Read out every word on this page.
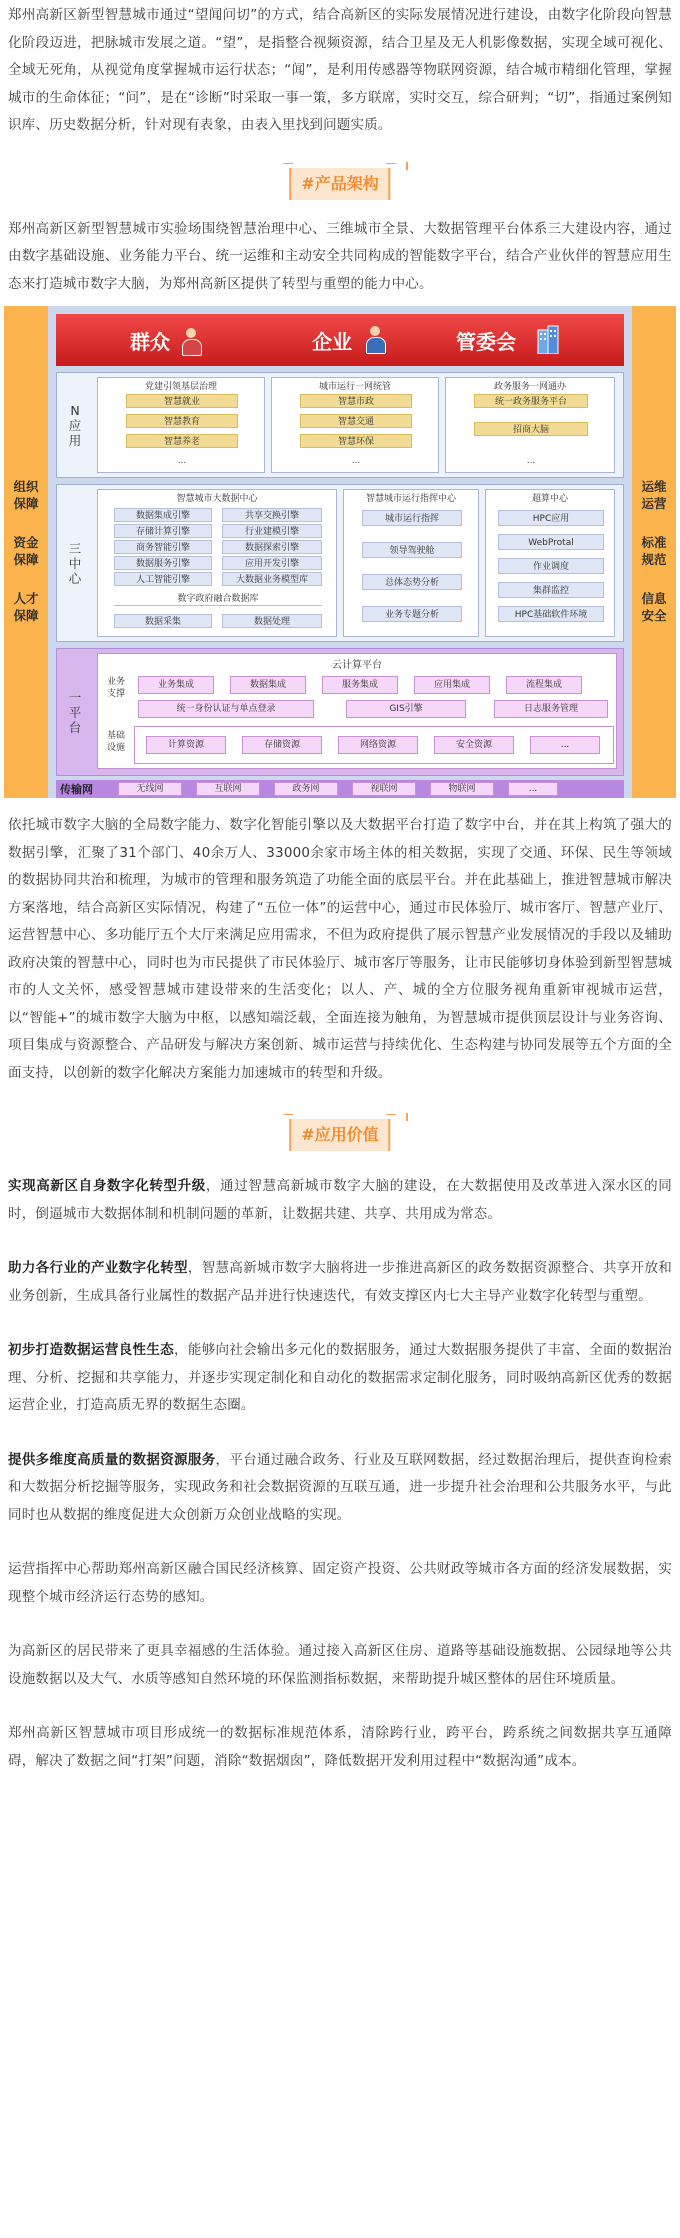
郑州高新区新型智慧城市通过“望闻问切”的方式，结合高新区的实际发展情况进行建设，由数字化阶段向智慧化阶段迈进，把脉城市发展之道。“望”，是指整合视频资源，结合卫星及无人机影像数据，实现全域可视化、全域无死角，从视觉角度掌握城市运行状态；“闻”，是利用传感器等物联网资源，结合城市精细化管理，掌握城市的生命体征；“问”，是在“诊断”时采取一事一策，多方联席，实时交互，综合研判；“切”，指通过案例知识库、历史数据分析，针对现有表象，由表入里找到问题实质。

#产品架构

郑州高新区新型智慧城市实验场围绕智慧治理中心、三维城市全景、大数据管理平台体系三大建设内容，通过由数字基础设施、业务能力平台、统一运维和主动安全共同构成的智能数字平台，结合产业伙伴的智慧应用生态来打造城市数字大脑，为郑州高新区提供了转型与重塑的能力中心。

组织
保障
资金
保障
人才
保障
运维
运营
标准
规范
信息
安全
群众	企业	管委会
N
应
用
党建引领基层治理
智慧就业
智慧教育
智慧养老
...
城市运行一网统管
智慧市政
智慧交通
智慧环保
...
政务服务一网通办
统一政务服务平台
招商大脑
...
三
中
心
智慧城市大数据中心
数据集成引擎
存储计算引擎
商务智能引擎
数据服务引擎
人工智能引擎
共享交换引擎
行业建模引擎
数据探索引擎
应用开发引擎
大数据业务模型库
数字政府融合数据库
数据采集	数据处理
智慧城市运行指挥中心
城市运行指挥
领导驾驶舱
总体态势分析
业务专题分析
超算中心
HPC应用
WebProtal
作业调度
集群监控
HPC基础软件环境
一
平
台
云计算平台
业务
支撑
业务集成	数据集成	服务集成	应用集成	流程集成
统一身份认证与单点登录	GIS引擎	日志服务管理
基础
设施	计算资源	存储资源	网络资源	安全资源	...
传输网	无线网	互联网	政务网	视联网	物联网	...

依托城市数字大脑的全局数字能力、数字化智能引擎以及大数据平台打造了数字中台，并在其上构筑了强大的数据引擎，汇聚了31个部门、40余万人、33000余家市场主体的相关数据，实现了交通、环保、民生等领域的数据协同共治和梳理，为城市的管理和服务筑造了功能全面的底层平台。并在此基础上，推进智慧城市解决方案落地，结合高新区实际情况，构建了“五位一体”的运营中心，通过市民体验厅、城市客厅、智慧产业厅、运营智慧中心、多功能厅五个大厅来满足应用需求，不但为政府提供了展示智慧产业发展情况的手段以及辅助政府决策的智慧中心，同时也为市民提供了市民体验厅、城市客厅等服务，让市民能够切身体验到新型智慧城市的人文关怀，感受智慧城市建设带来的生活变化；以人、产、城的全方位服务视角重新审视城市运营，以“智能+”的城市数字大脑为中枢，以感知端泛载，全面连接为触角，为智慧城市提供顶层设计与业务咨询、项目集成与资源整合、产品研发与解决方案创新、城市运营与持续优化、生态构建与协同发展等五个方面的全面支持，以创新的数字化解决方案能力加速城市的转型和升级。

#应用价值

实现高新区自身数字化转型升级，通过智慧高新城市数字大脑的建设，在大数据使用及改革进入深水区的同时，倒逼城市大数据体制和机制问题的革新，让数据共建、共享、共用成为常态。

助力各行业的产业数字化转型，智慧高新城市数字大脑将进一步推进高新区的政务数据资源整合、共享开放和业务创新，生成具备行业属性的数据产品并进行快速迭代，有效支撑区内七大主导产业数字化转型与重塑。

初步打造数据运营良性生态，能够向社会输出多元化的数据服务，通过大数据服务提供了丰富、全面的数据治理、分析、挖掘和共享能力，并逐步实现定制化和自动化的数据需求定制化服务，同时吸纳高新区优秀的数据运营企业，打造高质无界的数据生态圈。

提供多维度高质量的数据资源服务，平台通过融合政务、行业及互联网数据，经过数据治理后，提供查询检索和大数据分析挖掘等服务，实现政务和社会数据资源的互联互通，进一步提升社会治理和公共服务水平，与此同时也从数据的维度促进大众创新万众创业战略的实现。

运营指挥中心帮助郑州高新区融合国民经济核算、固定资产投资、公共财政等城市各方面的经济发展数据，实现整个城市经济运行态势的感知。

为高新区的居民带来了更具幸福感的生活体验。通过接入高新区住房、道路等基础设施数据、公园绿地等公共设施数据以及大气、水质等感知自然环境的环保监测指标数据，来帮助提升城区整体的居住环境质量。

郑州高新区智慧城市项目形成统一的数据标准规范体系，清除跨行业，跨平台，跨系统之间数据共享互通障碍，解决了数据之间“打架”问题，消除“数据烟囱”，降低数据开发利用过程中“数据沟通”成本。
